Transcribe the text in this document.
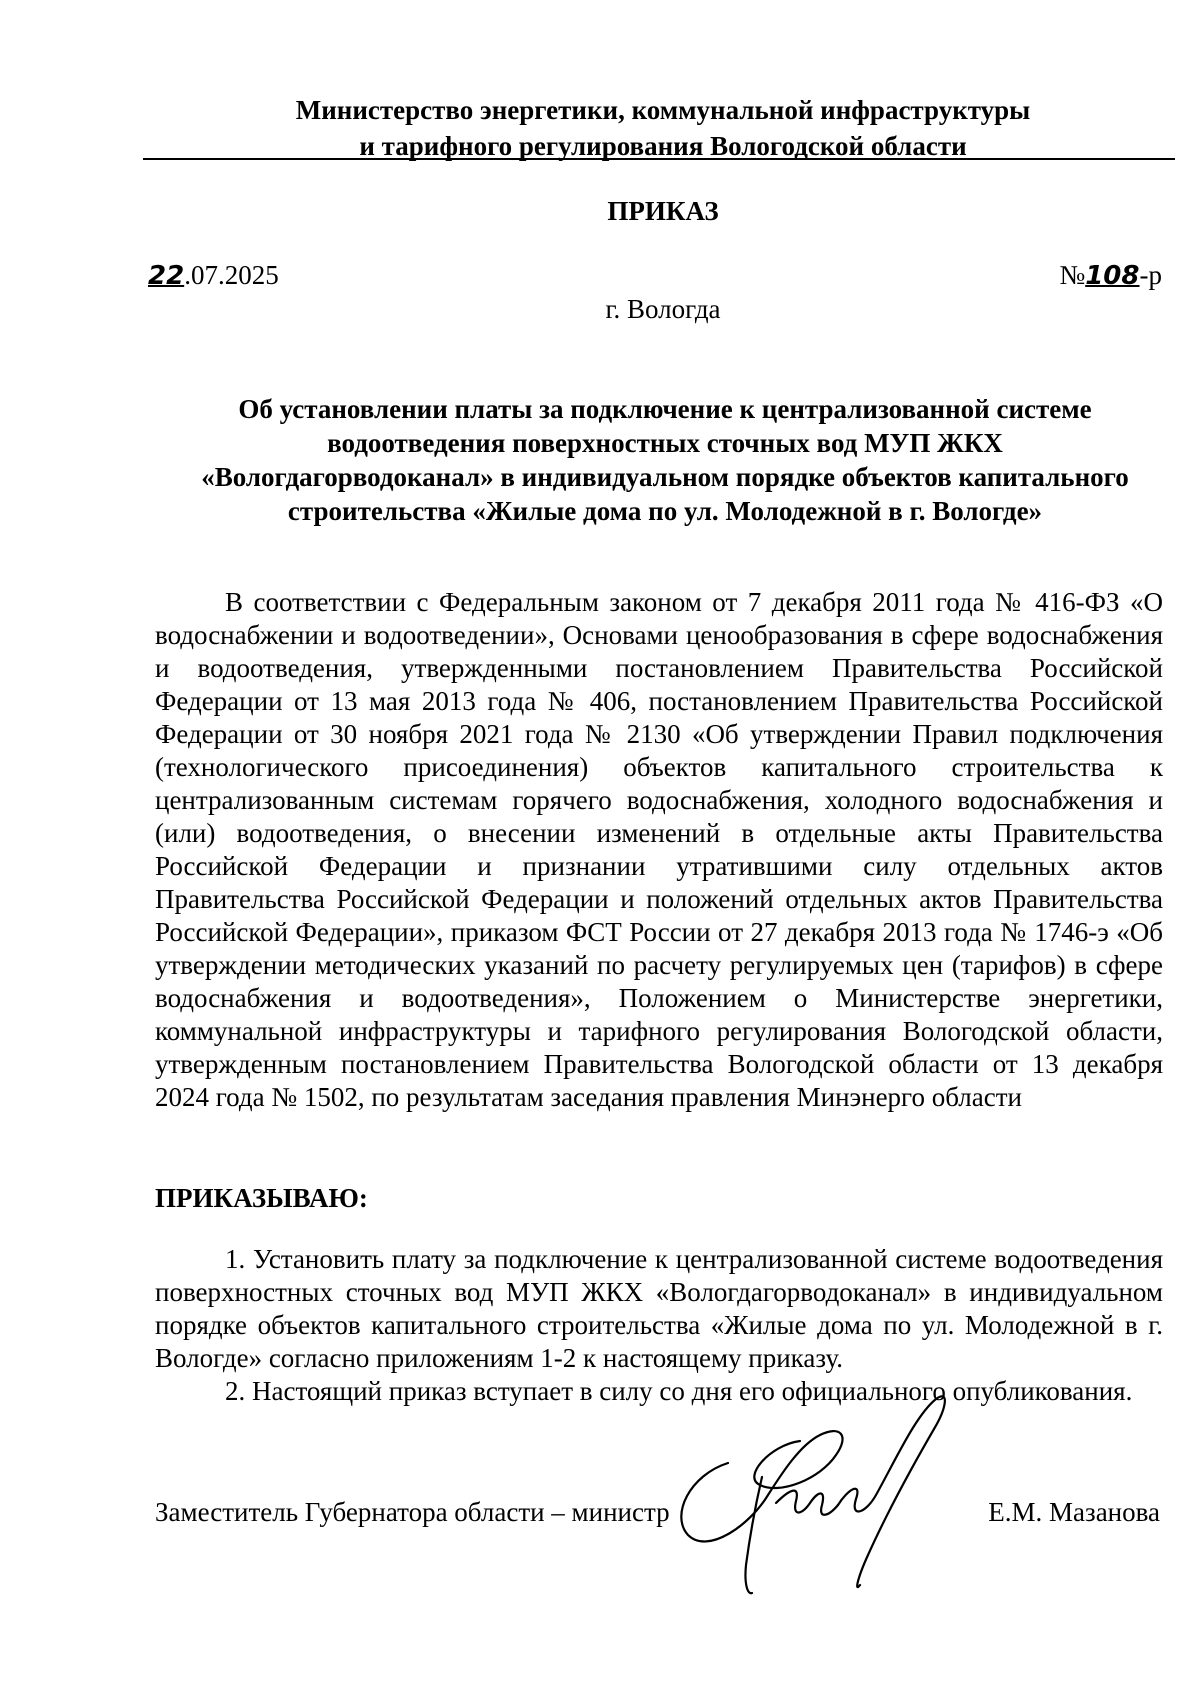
Министерство энергетики, коммунальной инфраструктуры
и тарифного регулирования Вологодской области
ПРИКАЗ
22.07.2025	№108-р
г. Вологда
Об установлении платы за подключение к централизованной системе
водоотведения поверхностных сточных вод МУП ЖКХ
«Вологдагорводоканал» в индивидуальном порядке объектов капитального
строительства «Жилые дома по ул. Молодежной в г. Вологде»

В соответствии с Федеральным законом от 7 декабря 2011 года № 416-ФЗ «О водоснабжении и водоотведении», Основами ценообразования в сфере водоснабжения и водоотведения, утвержденными постановлением Правительства Российской Федерации от 13 мая 2013 года № 406, постановлением Правительства Российской Федерации от 30 ноября 2021 года № 2130 «Об утверждении Правил подключения (технологического присоединения) объектов капитального строительства к централизованным системам горячего водоснабжения, холодного водоснабжения и (или) водоотведения, о внесении изменений в отдельные акты Правительства Российской Федерации и признании утратившими силу отдельных актов Правительства Российской Федерации и положений отдельных актов Правительства Российской Федерации», приказом ФСТ России от 27 декабря 2013 года № 1746-э «Об утверждении методических указаний по расчету регулируемых цен (тарифов) в сфере водоснабжения и водоотведения», Положением о Министерстве энергетики, коммунальной инфраструктуры и тарифного регулирования Вологодской области, утвержденным постановлением Правительства Вологодской области от 13 декабря 2024 года № 1502, по результатам заседания правления Минэнерго области

ПРИКАЗЫВАЮ:

1. Установить плату за подключение к централизованной системе водоотведения поверхностных сточных вод МУП ЖКХ «Вологдагорводоканал» в индивидуальном порядке объектов капитального строительства «Жилые дома по ул. Молодежной в г. Вологде» согласно приложениям 1-2 к настоящему приказу.

2. Настоящий приказ вступает в силу со дня его официального опубликования.

Заместитель Губернатора области – министр	Е.М. Мазанова
